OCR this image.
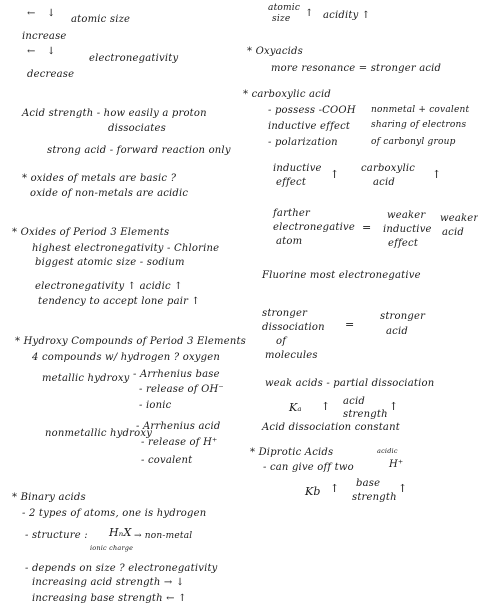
← ↓
atomic size
increase
← ↓
electronegativity
decrease
Acid strength - how easily a proton
dissociates
strong acid - forward reaction only
* oxides of metals are basic ?
oxide of non-metals are acidic
* Oxides of Period 3 Elements
highest electronegativity - Chlorine
biggest atomic size - sodium
electronegativity ↑ acidic ↑
tendency to accept lone pair ↑
* Hydroxy Compounds of Period 3 Elements
4 compounds w/ hydrogen ? oxygen
metallic hydroxy - Arrhenius base
- release of OH⁻
- ionic
nonmetallic hydroxy
- Arrhenius acid
- release of H⁺
- covalent
* Binary acids
- 2 types of atoms, one is hydrogen
- structure : HₙX → non-metal
ionic charge
- depends on size ? electronegativity
increasing acid strength → ↓
increasing base strength ← ↑
atomic
size ↑ acidity ↑
* Oxyacids
more resonance = stronger acid
* carboxylic acid
- possess -COOH
inductive effect
- polarization
nonmetal + covalent
sharing of electrons
of carbonyl group
inductive
effect
↑ carboxylic
acid
↑
farther
electronegative
atom
=
weaker
inductive
effect
weaker
acid
Fluorine most electronegative
stronger
dissociation
of
molecules
=
stronger
acid
weak acids - partial dissociation
Kₐ ↑ acid
strength
↑
Acid dissociation constant
* Diprotic Acids	acidic
- can give off two	H⁺
Kb ↑ base
strength
↑
